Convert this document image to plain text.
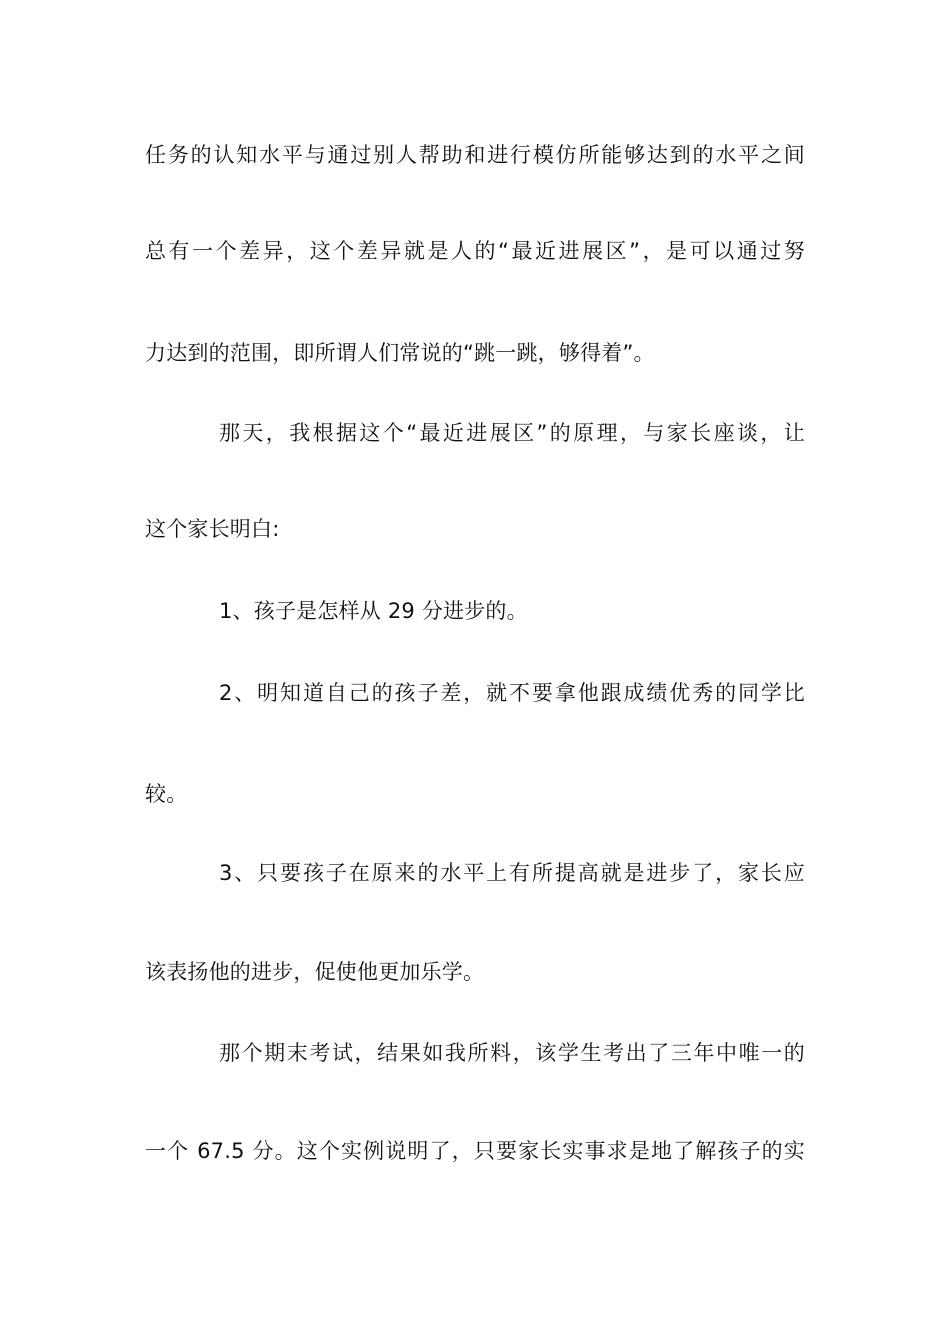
任务的认知水平与通过别人帮助和进行模仿所能够达到的水平之间
总有一个差异，这个差异就是人的“最近进展区”，是可以通过努
力达到的范围，即所谓人们常说的“跳一跳，够得着”。
那天，我根据这个“最近进展区”的原理，与家长座谈，让
这个家长明白:
1、孩子是怎样从 29 分进步的。
2、明知道自己的孩子差，就不要拿他跟成绩优秀的同学比
较。
3、只要孩子在原来的水平上有所提高就是进步了，家长应
该表扬他的进步，促使他更加乐学。
那个期末考试，结果如我所料，该学生考出了三年中唯一的
一个 67.5 分。这个实例说明了，只要家长实事求是地了解孩子的实
